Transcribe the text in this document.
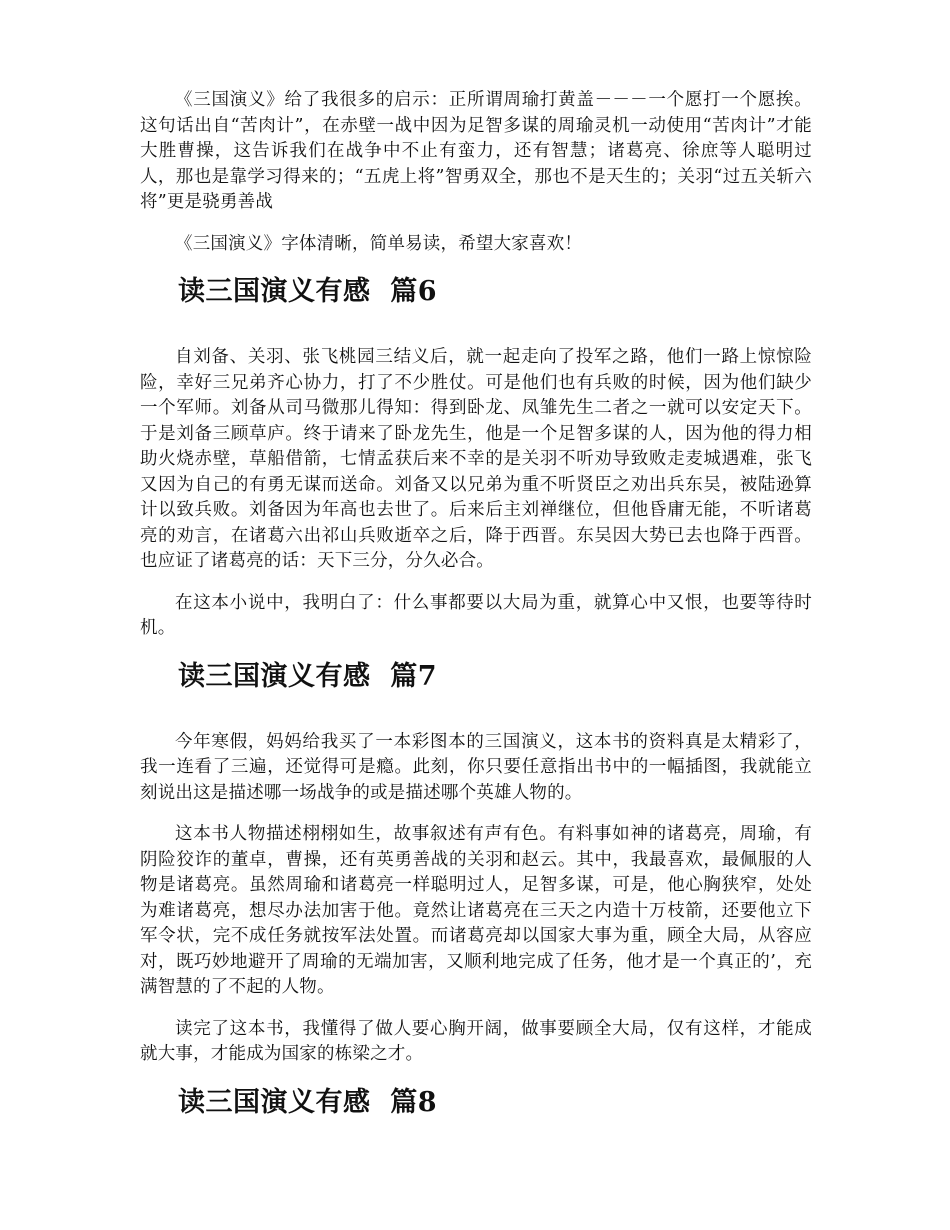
《三国演义》给了我很多的启示：正所谓周瑜打黄盖－－－一个愿打一个愿挨。这句话出自“苦肉计”，在赤壁一战中因为足智多谋的周瑜灵机一动使用“苦肉计”才能大胜曹操，这告诉我们在战争中不止有蛮力，还有智慧；诸葛亮、徐庶等人聪明过人，那也是靠学习得来的；“五虎上将”智勇双全，那也不是天生的；关羽“过五关斩六将”更是骁勇善战

《三国演义》字体清晰，简单易读，希望大家喜欢！

读三国演义有感  篇6

自刘备、关羽、张飞桃园三结义后，就一起走向了投军之路，他们一路上惊惊险险，幸好三兄弟齐心协力，打了不少胜仗。可是他们也有兵败的时候，因为他们缺少一个军师。刘备从司马微那儿得知：得到卧龙、凤雏先生二者之一就可以安定天下。于是刘备三顾草庐。终于请来了卧龙先生，他是一个足智多谋的人，因为他的得力相助火烧赤壁，草船借箭，七情孟获后来不幸的是关羽不听劝导致败走麦城遇难，张飞又因为自己的有勇无谋而送命。刘备又以兄弟为重不听贤臣之劝出兵东吴，被陆逊算计以致兵败。刘备因为年高也去世了。后来后主刘禅继位，但他昏庸无能，不听诸葛亮的劝言，在诸葛六出祁山兵败逝卒之后，降于西晋。东吴因大势已去也降于西晋。也应证了诸葛亮的话：天下三分，分久必合。

在这本小说中，我明白了：什么事都要以大局为重，就算心中又恨，也要等待时机。

读三国演义有感  篇7

今年寒假，妈妈给我买了一本彩图本的三国演义，这本书的资料真是太精彩了，我一连看了三遍，还觉得可是瘾。此刻，你只要任意指出书中的一幅插图，我就能立刻说出这是描述哪一场战争的或是描述哪个英雄人物的。

这本书人物描述栩栩如生，故事叙述有声有色。有料事如神的诸葛亮，周瑜，有阴险狡诈的董卓，曹操，还有英勇善战的关羽和赵云。其中，我最喜欢，最佩服的人物是诸葛亮。虽然周瑜和诸葛亮一样聪明过人，足智多谋，可是，他心胸狭窄，处处为难诸葛亮，想尽办法加害于他。竟然让诸葛亮在三天之内造十万枝箭，还要他立下军令状，完不成任务就按军法处置。而诸葛亮却以国家大事为重，顾全大局，从容应对，既巧妙地避开了周瑜的无端加害，又顺利地完成了任务，他才是一个真正的’，充满智慧的了不起的人物。

读完了这本书，我懂得了做人要心胸开阔，做事要顾全大局，仅有这样，才能成就大事，才能成为国家的栋梁之才。

读三国演义有感  篇8
